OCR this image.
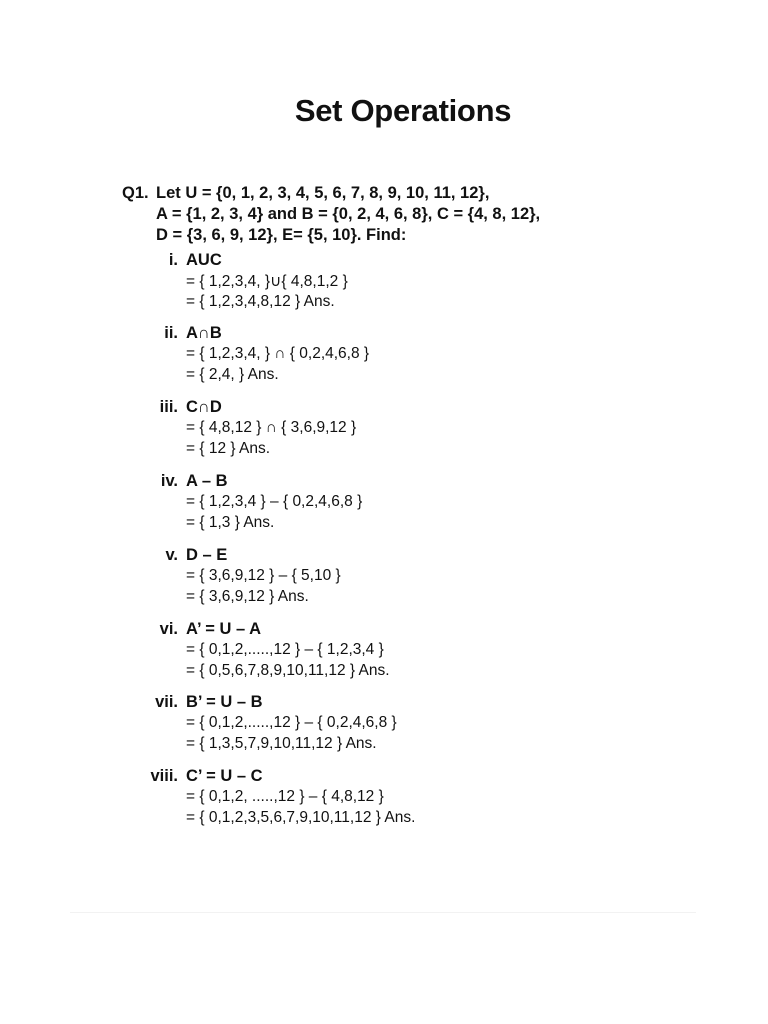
Set Operations
Q1. Let U = {0, 1, 2, 3, 4, 5, 6, 7, 8, 9, 10, 11, 12},
A = {1, 2, 3, 4} and B = {0, 2, 4, 6, 8}, C = {4, 8, 12},
D = {3, 6, 9, 12}, E= {5, 10}. Find:
i. AUC
= { 1,2,3,4, }∪{ 4,8,1,2 }
= { 1,2,3,4,8,12 } Ans.
ii. A∩B
= { 1,2,3,4, } ∩ { 0,2,4,6,8 }
= { 2,4, } Ans.
iii. C∩D
= { 4,8,12 } ∩ { 3,6,9,12 }
= { 12 } Ans.
iv. A – B
= { 1,2,3,4 } – { 0,2,4,6,8 }
= { 1,3 } Ans.
v. D – E
= { 3,6,9,12 } – { 5,10 }
= { 3,6,9,12 } Ans.
vi. A’ = U – A
= { 0,1,2,.....,12 } – { 1,2,3,4 }
= { 0,5,6,7,8,9,10,11,12 } Ans.
vii. B’ = U – B
= { 0,1,2,.....,12 } – { 0,2,4,6,8 }
= { 1,3,5,7,9,10,11,12 } Ans.
viii. C’ = U – C
= { 0,1,2, .....,12 } – { 4,8,12 }
= { 0,1,2,3,5,6,7,9,10,11,12 } Ans.
